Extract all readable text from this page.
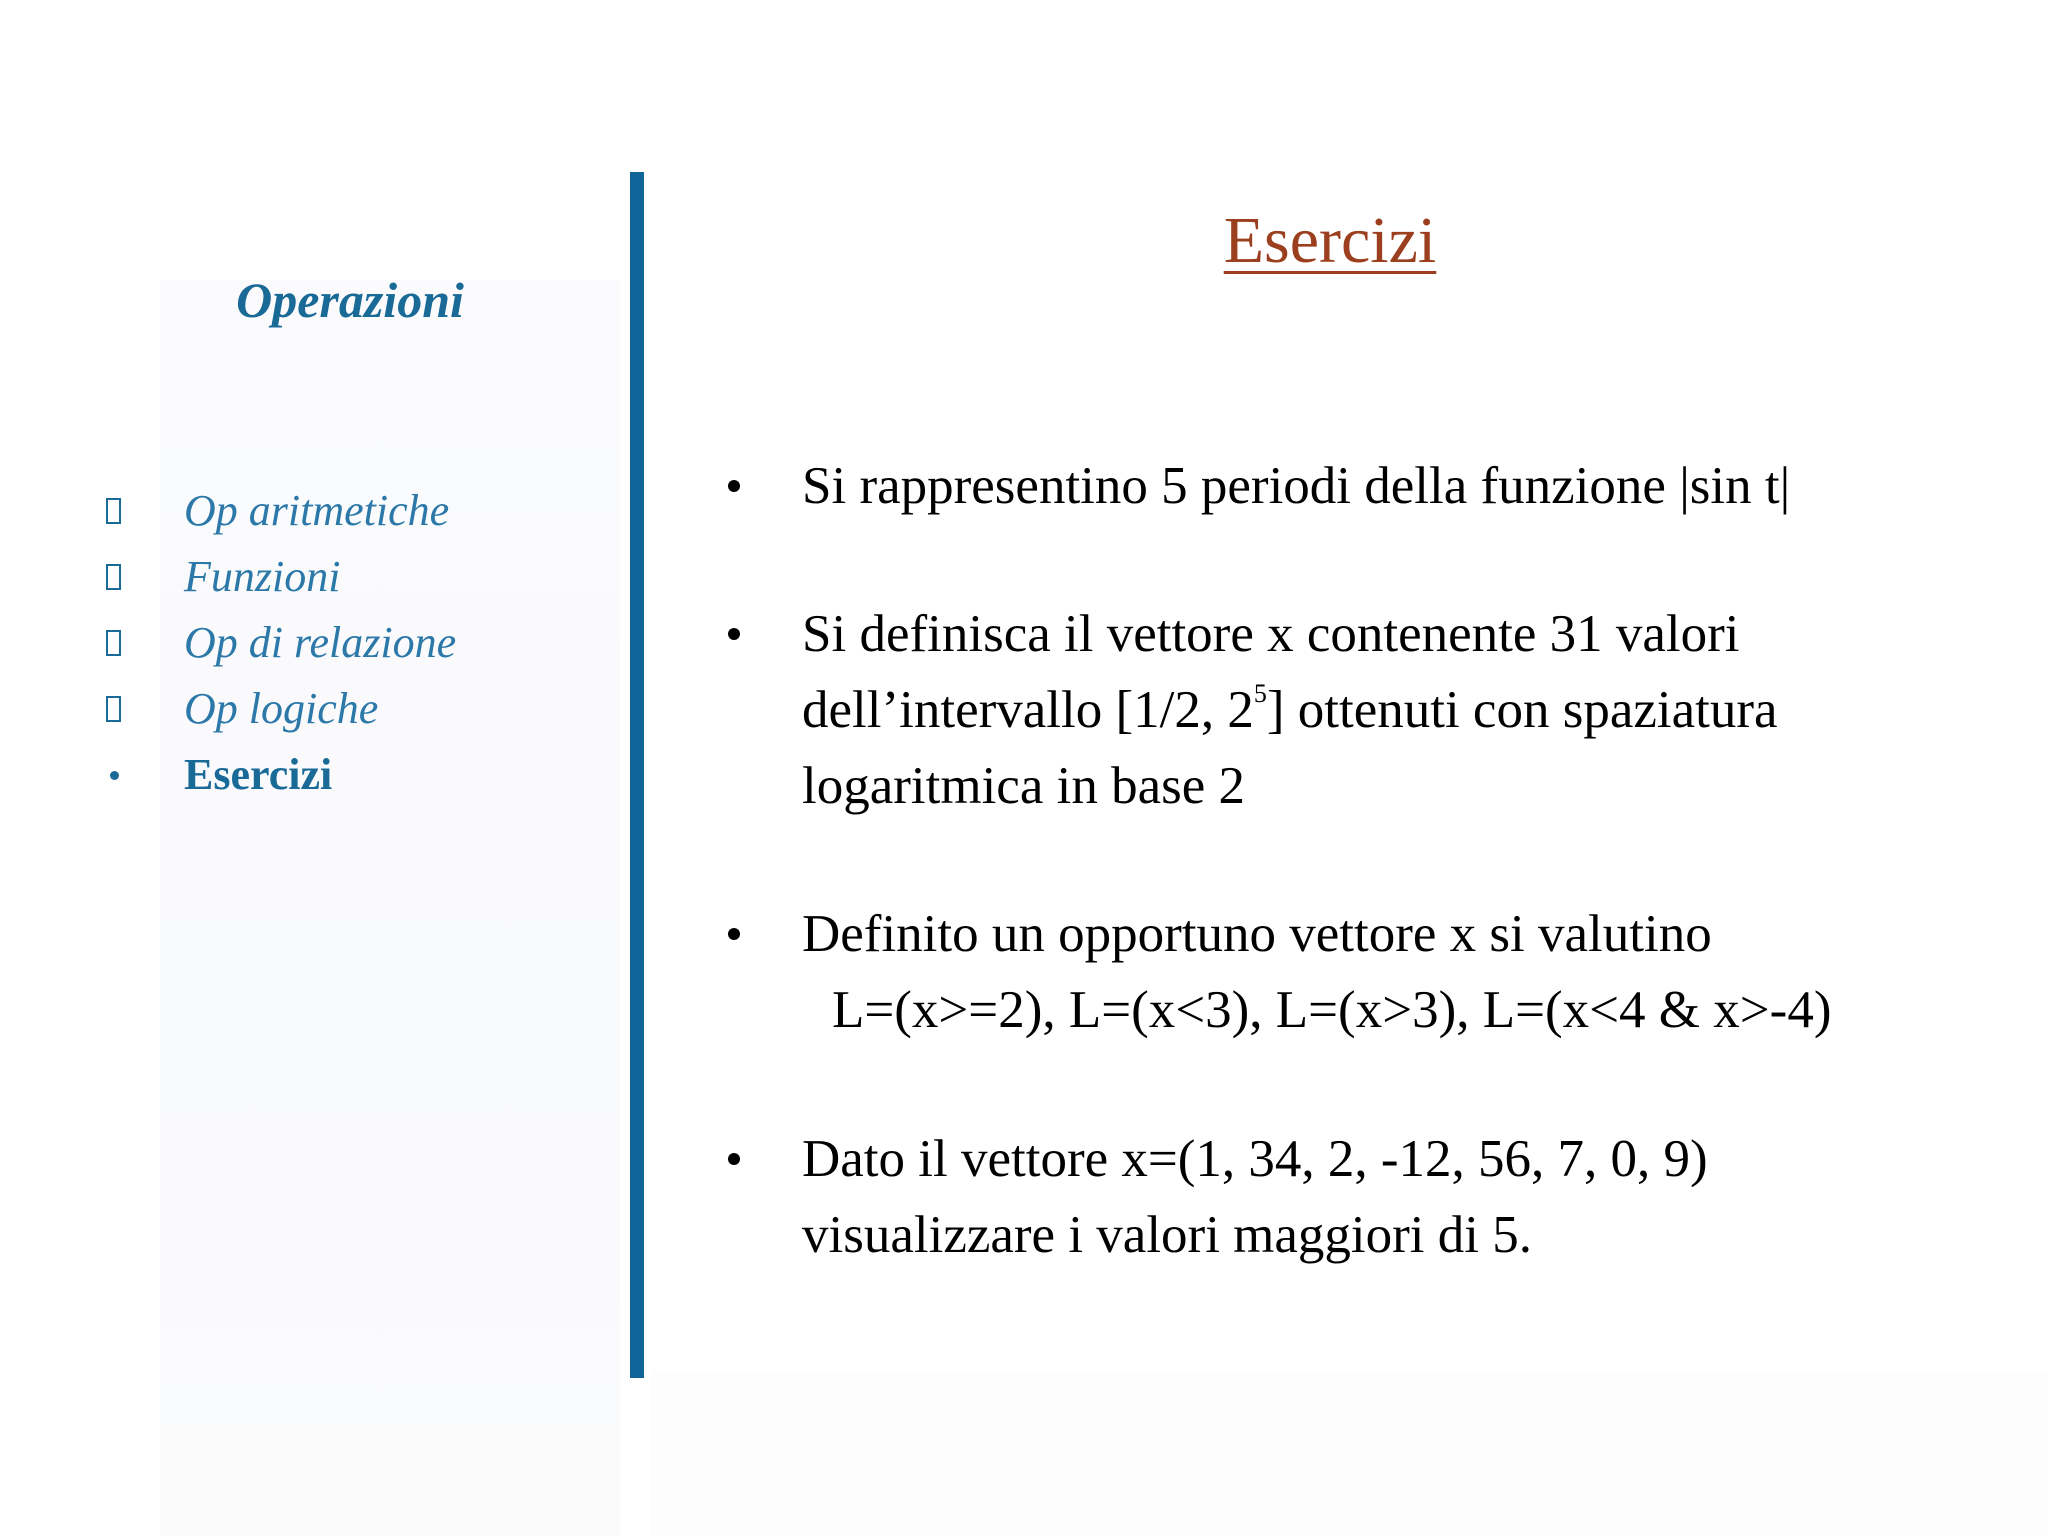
Operazioni
Op aritmetiche
Funzioni
Op di relazione
Op logiche
Esercizi
Esercizi
Si rappresentino 5 periodi della funzione |sin t|
Si definisca il vettore x contenente 31 valori
dell’intervallo [1/2, $2^5$] ottenuti con spaziatura
logaritmica in base 2
Definito un opportuno vettore x si valutino
L=(x>=2), L=(x<3), L=(x>3), L=(x<4 & x>-4)
Dato il vettore x=(1, 34, 2, -12, 56, 7, 0, 9)
visualizzare i valori maggiori di 5.
